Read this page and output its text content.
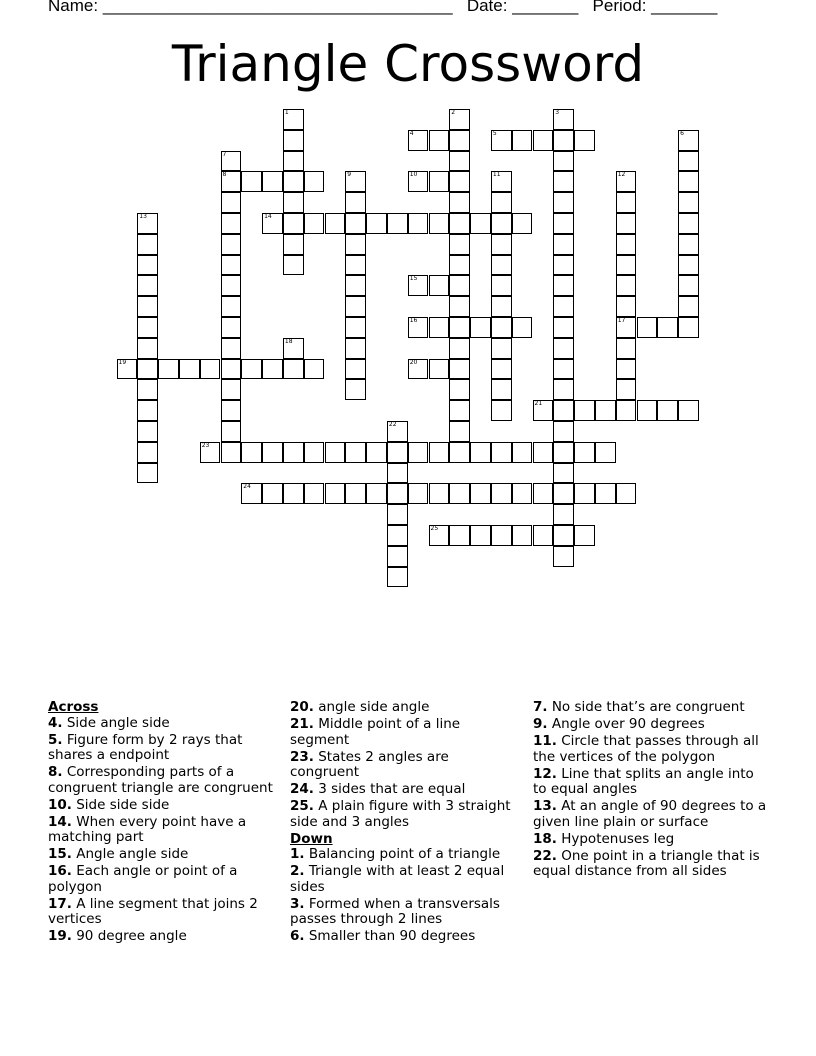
Name: _____________________________________ Date: _______ Period: _______
Triangle Crossword
1	2	3
4	5	6
7
8	9	10	11	12
17
13	14
15
16
18
19	20
21
22
23
24
25
Across
4. Side angle side
5. Figure form by 2 rays that shares a endpoint
8. Corresponding parts of a congruent triangle are congruent
10. Side side side
14. When every point have a matching part
15. Angle angle side
16. Each angle or point of a polygon
17. A line segment that joins 2 vertices
19. 90 degree angle
20. angle side angle
21. Middle point of a line segment
23. States 2 angles are congruent
24. 3 sides that are equal
25. A plain figure with 3 straight side and 3 angles
Down
1. Balancing point of a triangle
2. Triangle with at least 2 equal sides
3. Formed when a transversals passes through 2 lines
6. Smaller than 90 degrees
7. No side that’s are congruent
9. Angle over 90 degrees
11. Circle that passes through all the vertices of the polygon
12. Line that splits an angle into to equal angles
13. At an angle of 90 degrees to a given line plain or surface
18. Hypotenuses leg
22. One point in a triangle that is equal distance from all sides
